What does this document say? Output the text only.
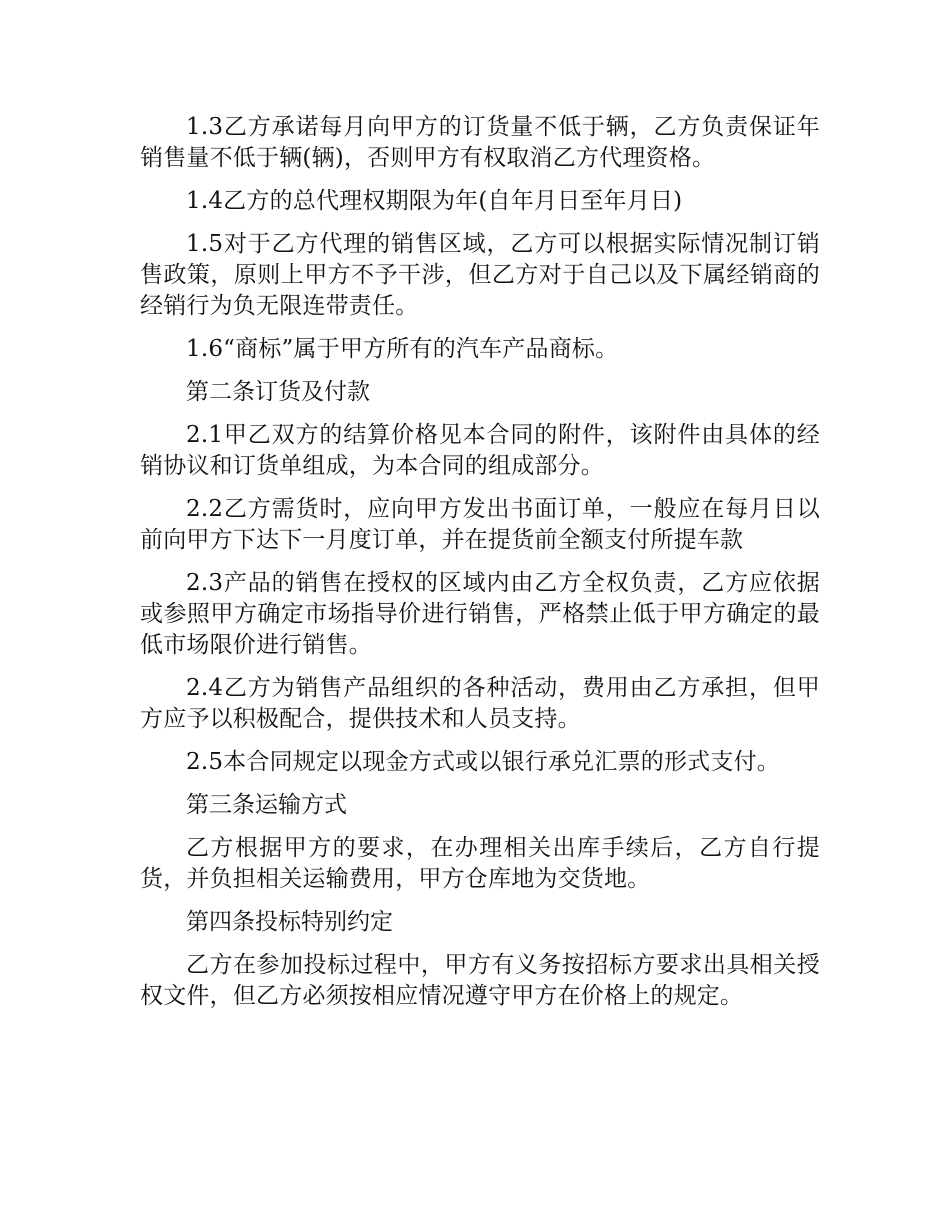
1.3乙方承诺每月向甲方的订货量不低于辆，乙方负责保证年销售量不低于辆(辆)，否则甲方有权取消乙方代理资格。

1.4乙方的总代理权期限为年(自年月日至年月日)

1.5对于乙方代理的销售区域，乙方可以根据实际情况制订销售政策，原则上甲方不予干涉，但乙方对于自己以及下属经销商的经销行为负无限连带责任。

1.6“商标”属于甲方所有的汽车产品商标。

第二条订货及付款

2.1甲乙双方的结算价格见本合同的附件，该附件由具体的经销协议和订货单组成，为本合同的组成部分。

2.2乙方需货时，应向甲方发出书面订单，一般应在每月日以前向甲方下达下一月度订单，并在提货前全额支付所提车款

2.3产品的销售在授权的区域内由乙方全权负责，乙方应依据或参照甲方确定市场指导价进行销售，严格禁止低于甲方确定的最低市场限价进行销售。

2.4乙方为销售产品组织的各种活动，费用由乙方承担，但甲方应予以积极配合，提供技术和人员支持。

2.5本合同规定以现金方式或以银行承兑汇票的形式支付。

第三条运输方式

乙方根据甲方的要求，在办理相关出库手续后，乙方自行提货，并负担相关运输费用，甲方仓库地为交货地。

第四条投标特别约定

乙方在参加投标过程中，甲方有义务按招标方要求出具相关授权文件，但乙方必须按相应情况遵守甲方在价格上的规定。
